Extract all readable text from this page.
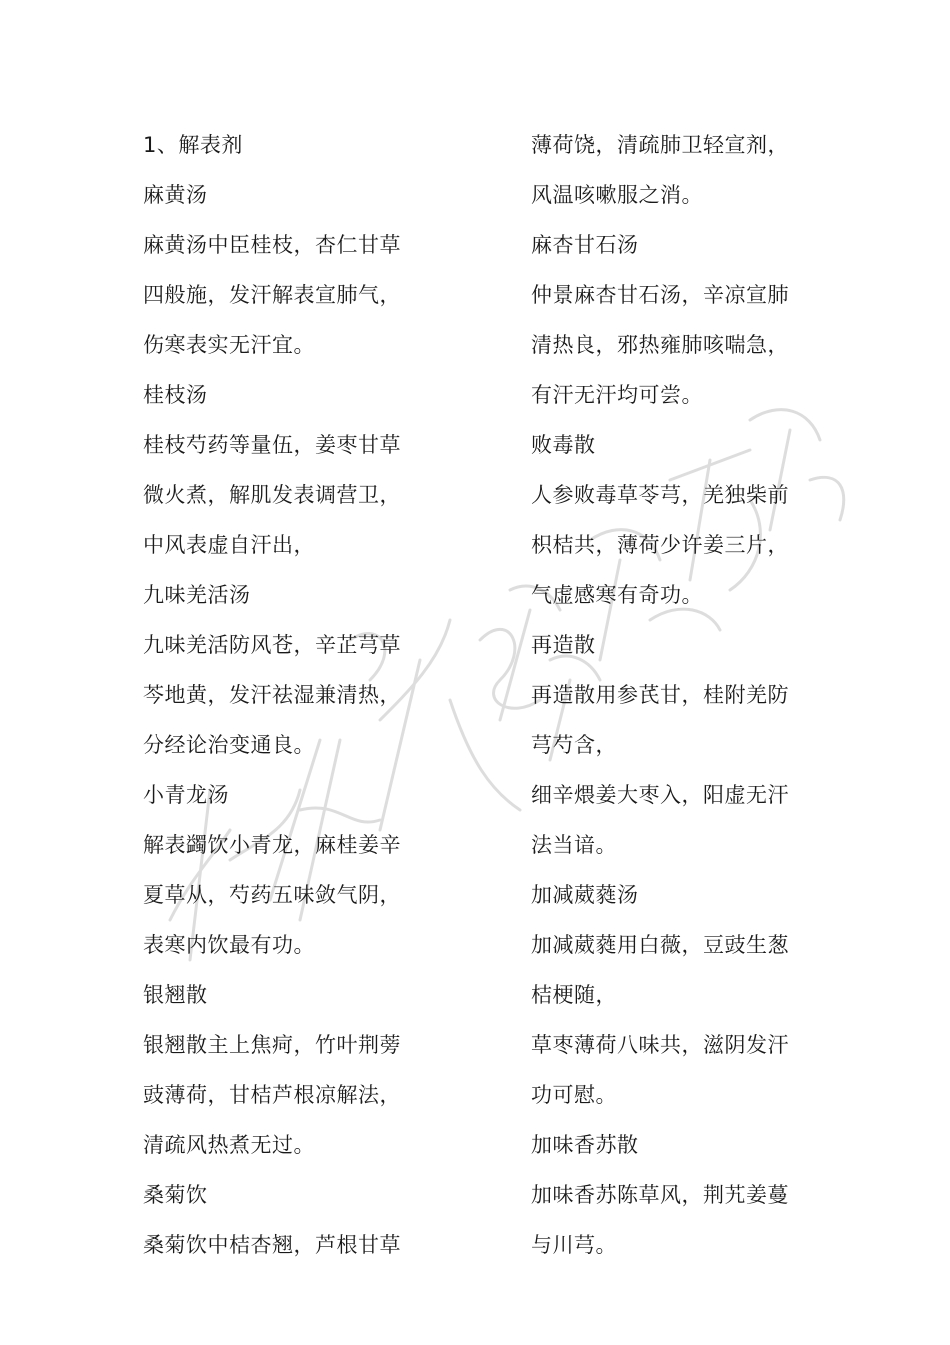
1、解表剂
麻黄汤
麻黄汤中臣桂枝，杏仁甘草
四般施，发汗解表宣肺气，
伤寒表实无汗宜。
桂枝汤
桂枝芍药等量伍，姜枣甘草
微火煮，解肌发表调营卫，
中风表虚自汗出，
九味羌活汤
九味羌活防风苍，辛芷芎草
芩地黄，发汗祛湿兼清热，
分经论治变通良。
小青龙汤
解表蠲饮小青龙，麻桂姜辛
夏草从，芍药五味敛气阴，
表寒内饮最有功。
银翘散
银翘散主上焦疴，竹叶荆蒡
豉薄荷，甘桔芦根凉解法，
清疏风热煮无过。
桑菊饮
桑菊饮中桔杏翘，芦根甘草
薄荷饶，清疏肺卫轻宣剂，
风温咳嗽服之消。
麻杏甘石汤
仲景麻杏甘石汤，辛凉宣肺
清热良，邪热雍肺咳喘急，
有汗无汗均可尝。
败毒散
人参败毒草苓芎，羌独柴前
枳桔共，薄荷少许姜三片，
气虚感寒有奇功。
再造散
再造散用参芪甘，桂附羌防
芎芍含，
细辛煨姜大枣入，阳虚无汗
法当谙。
加减葳蕤汤
加减葳蕤用白薇，豆豉生葱
桔梗随，
草枣薄荷八味共，滋阴发汗
功可慰。
加味香苏散
加味香苏陈草风，荆艽姜蔓
与川芎。
